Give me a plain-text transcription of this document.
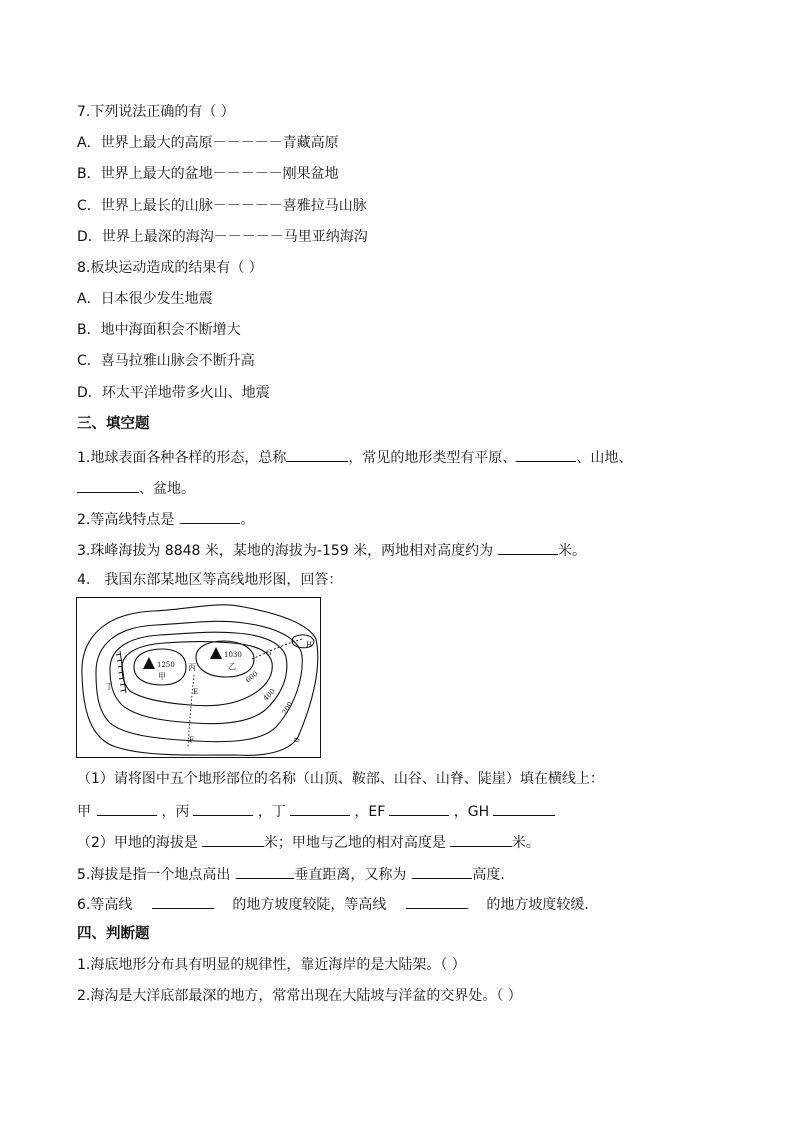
7.下列说法正确的有（ ）
A．世界上最大的高原－－－－－青藏高原
B．世界上最大的盆地－－－－－刚果盆地
C．世界上最长的山脉－－－－－喜雅拉马山脉
D．世界上最深的海沟－－－－－马里亚纳海沟
8.板块运动造成的结果有（ ）
A．日本很少发生地震
B．地中海面积会不断增大
C．喜马拉雅山脉会不断升高
D．环太平洋地带多火山、地震
三、填空题
1.地球表面各种各样的形态，总称	，常见的地形类型有平原、	、山地、
、盆地。
2.等高线特点是	。
3.珠峰海拔为 8848 米，某地的海拔为-159 米，两地相对高度约为	米。
4.　我国东部某地区等高线地形图，回答：
1250
甲
1030
乙
丙
丁
E
F
G
H
0
200
400
600
（1）请将图中五个地形部位的名称（山顶、鞍部、山谷、山脊、陡崖）填在横线上：
甲	，丙	，丁	，EF	，GH
（2）甲地的海拔是	米；甲地与乙地的相对高度是	米。
5.海拔是指一个地点高出	垂直距离，又称为	高度．
6.等高线	的地方坡度较陡，等高线	的地方坡度较缓．
四、判断题
1.海底地形分布具有明显的规律性，靠近海岸的是大陆架。（ ）
2.海沟是大洋底部最深的地方，常常出现在大陆坡与洋盆的交界处。（ ）
